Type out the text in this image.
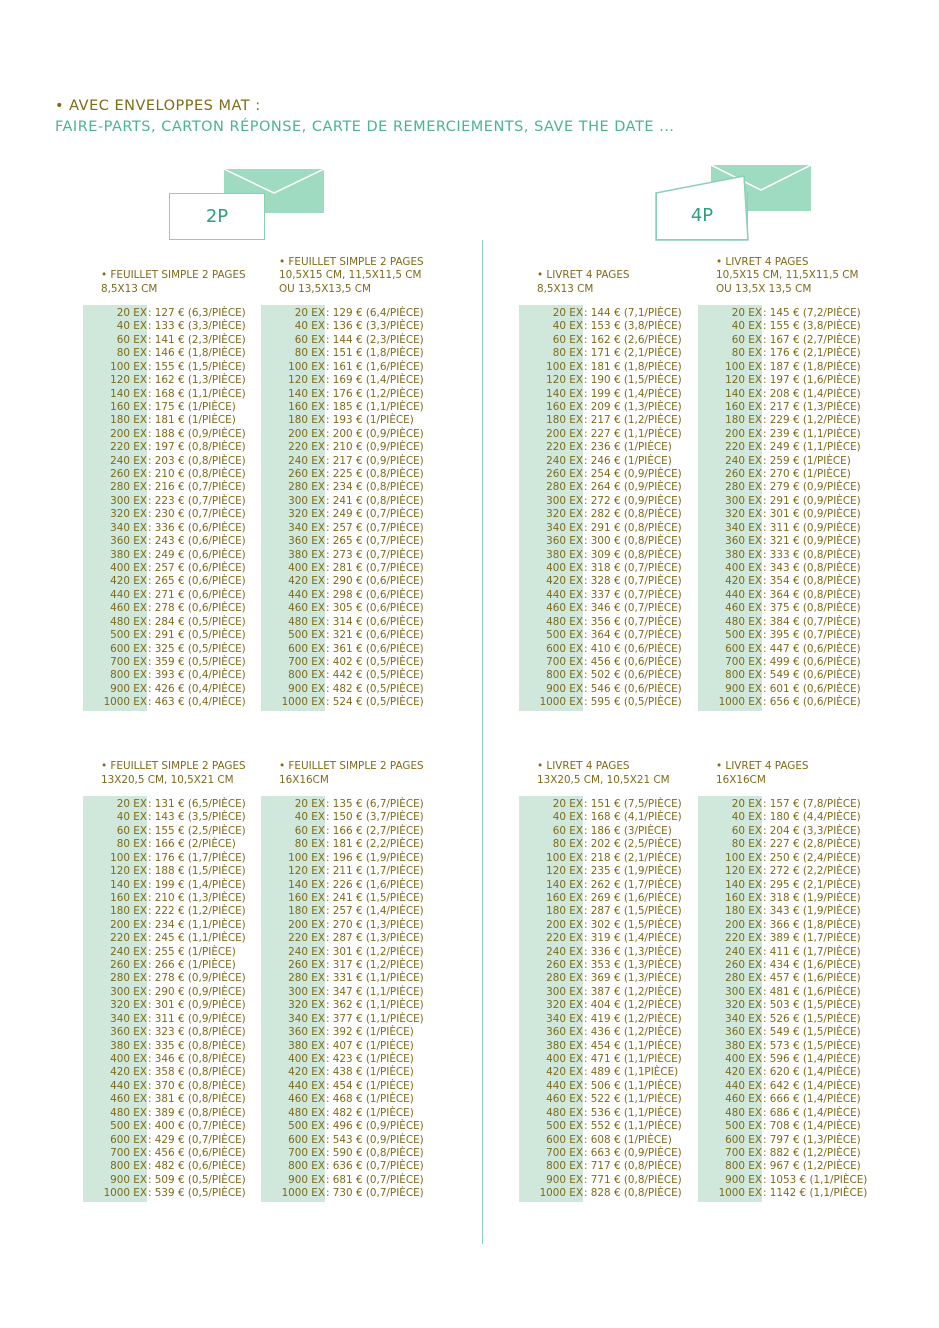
• AVEC ENVELOPPES MAT :
FAIRE-PARTS, CARTON RÉPONSE, CARTE DE REMERCIEMENTS, SAVE THE DATE ...
2P	4P
• FEUILLET SIMPLE 2 PAGES
8,5X13 CM
20 EX : 127 € (6,3/PIÈCE)
40 EX : 133 € (3,3/PIÈCE)
60 EX : 141 € (2,3/PIÈCE)
80 EX : 146 € (1,8/PIÈCE)
100 EX : 155 € (1,5/PIÈCE)
120 EX : 162 € (1,3/PIÈCE)
140 EX : 168 € (1,1/PIÈCE)
160 EX : 175 € (1/PIÈCE)
180 EX : 181 € (1/PIÈCE)
200 EX : 188 € (0,9/PIÈCE)
220 EX : 197 € (0,8/PIÈCE)
240 EX : 203 € (0,8/PIÈCE)
260 EX : 210 € (0,8/PIÈCE)
280 EX : 216 € (0,7/PIÈCE)
300 EX : 223 € (0,7/PIÈCE)
320 EX : 230 € (0,7/PIÈCE)
340 EX : 336 € (0,6/PIÈCE)
360 EX : 243 € (0,6/PIÈCE)
380 EX : 249 € (0,6/PIÈCE)
400 EX : 257 € (0,6/PIÈCE)
420 EX : 265 € (0,6/PIÈCE)
440 EX : 271 € (0,6/PIÈCE)
460 EX : 278 € (0,6/PIÈCE)
480 EX : 284 € (0,5/PIÈCE)
500 EX : 291 € (0,5/PIÈCE)
600 EX : 325 € (0,5/PIÈCE)
700 EX : 359 € (0,5/PIÈCE)
800 EX : 393 € (0,4/PIÈCE)
900 EX : 426 € (0,4/PIÈCE)
1000 EX : 463 € (0,4/PIÈCE)
• FEUILLET SIMPLE 2 PAGES
10,5X15 CM, 11,5X11,5 CM
OU 13,5X13,5 CM
20 EX : 129 € (6,4/PIÈCE)
40 EX : 136 € (3,3/PIÈCE)
60 EX : 144 € (2,3/PIÈCE)
80 EX : 151 € (1,8/PIÈCE)
100 EX : 161 € (1,6/PIÈCE)
120 EX : 169 € (1,4/PIÈCE)
140 EX : 176 € (1,2/PIÈCE)
160 EX : 185 € (1,1/PIÈCE)
180 EX : 193 € (1/PIÈCE)
200 EX : 200 € (0,9/PIÈCE)
220 EX : 210 € (0,9/PIÈCE)
240 EX : 217 € (0,9/PIÈCE)
260 EX : 225 € (0,8/PIÈCE)
280 EX : 234 € (0,8/PIÈCE)
300 EX : 241 € (0,8/PIÈCE)
320 EX : 249 € (0,7/PIÈCE)
340 EX : 257 € (0,7/PIÈCE)
360 EX : 265 € (0,7/PIÈCE)
380 EX : 273 € (0,7/PIÈCE)
400 EX : 281 € (0,7/PIÈCE)
420 EX : 290 € (0,6/PIÈCE)
440 EX : 298 € (0,6/PIÈCE)
460 EX : 305 € (0,6/PIÈCE)
480 EX : 314 € (0,6/PIÈCE)
500 EX : 321 € (0,6/PIÈCE)
600 EX : 361 € (0,6/PIÈCE)
700 EX : 402 € (0,5/PIÈCE)
800 EX : 442 € (0,5/PIÈCE)
900 EX : 482 € (0,5/PIÈCE)
1000 EX : 524 € (0,5/PIÈCE)
• LIVRET 4 PAGES
8,5X13 CM
20 EX : 144 € (7,1/PIÈCE)
40 EX : 153 € (3,8/PIÈCE)
60 EX : 162 € (2,6/PIÈCE)
80 EX : 171 € (2,1/PIÈCE)
100 EX : 181 € (1,8/PIÈCE)
120 EX : 190 € (1,5/PIÈCE)
140 EX : 199 € (1,4/PIÈCE)
160 EX : 209 € (1,3/PIÈCE)
180 EX : 217 € (1,2/PIÈCE)
200 EX : 227 € (1,1/PIÈCE)
220 EX : 236 € (1/PIÈCE)
240 EX : 246 € (1/PIÈCE)
260 EX : 254 € (0,9/PIÈCE)
280 EX : 264 € (0,9/PIÈCE)
300 EX : 272 € (0,9/PIÈCE)
320 EX : 282 € (0,8/PIÈCE)
340 EX : 291 € (0,8/PIÈCE)
360 EX : 300 € (0,8/PIÈCE)
380 EX : 309 € (0,8/PIÈCE)
400 EX : 318 € (0,7/PIÈCE)
420 EX : 328 € (0,7/PIÈCE)
440 EX : 337 € (0,7/PIÈCE)
460 EX : 346 € (0,7/PIÈCE)
480 EX : 356 € (0,7/PIÈCE)
500 EX : 364 € (0,7/PIÈCE)
600 EX : 410 € (0,6/PIÈCE)
700 EX : 456 € (0,6/PIÈCE)
800 EX : 502 € (0,6/PIÈCE)
900 EX : 546 € (0,6/PIÈCE)
1000 EX : 595 € (0,5/PIÈCE)
• LIVRET 4 PAGES
10,5X15 CM, 11,5X11,5 CM
OU 13,5X 13,5 CM
20 EX : 145 € (7,2/PIÈCE)
40 EX : 155 € (3,8/PIÈCE)
60 EX : 167 € (2,7/PIÈCE)
80 EX : 176 € (2,1/PIÈCE)
100 EX : 187 € (1,8/PIÈCE)
120 EX : 197 € (1,6/PIÈCE)
140 EX : 208 € (1,4/PIÈCE)
160 EX : 217 € (1,3/PIÈCE)
180 EX : 229 € (1,2/PIÈCE)
200 EX : 239 € (1,1/PIÈCE)
220 EX : 249 € (1,1/PIÈCE)
240 EX : 259 € (1/PIÈCE)
260 EX : 270 € (1/PIÈCE)
280 EX : 279 € (0,9/PIÈCE)
300 EX : 291 € (0,9/PIÈCE)
320 EX : 301 € (0,9/PIÈCE)
340 EX : 311 € (0,9/PIÈCE)
360 EX : 321 € (0,9/PIÈCE)
380 EX : 333 € (0,8/PIÈCE)
400 EX : 343 € (0,8/PIÈCE)
420 EX : 354 € (0,8/PIÈCE)
440 EX : 364 € (0,8/PIÈCE)
460 EX : 375 € (0,8/PIÈCE)
480 EX : 384 € (0,7/PIÈCE)
500 EX : 395 € (0,7/PIÈCE)
600 EX : 447 € (0,6/PIÈCE)
700 EX : 499 € (0,6/PIÈCE)
800 EX : 549 € (0,6/PIÈCE)
900 EX : 601 € (0,6/PIÈCE)
1000 EX : 656 € (0,6/PIÈCE)
• FEUILLET SIMPLE 2 PAGES
13X20,5 CM, 10,5X21 CM
20 EX : 131 € (6,5/PIÈCE)
40 EX : 143 € (3,5/PIÈCE)
60 EX : 155 € (2,5/PIÈCE)
80 EX : 166 € (2/PIÈCE)
100 EX : 176 € (1,7/PIÈCE)
120 EX : 188 € (1,5/PIÈCE)
140 EX : 199 € (1,4/PIÈCE)
160 EX : 210 € (1,3/PIÈCE)
180 EX : 222 € (1,2/PIÈCE)
200 EX : 234 € (1,1/PIÈCE)
220 EX : 245 € (1,1/PIÈCE)
240 EX : 255 € (1/PIÈCE)
260 EX : 266 € (1/PIÈCE)
280 EX : 278 € (0,9/PIÈCE)
300 EX : 290 € (0,9/PIÈCE)
320 EX : 301 € (0,9/PIÈCE)
340 EX : 311 € (0,9/PIÈCE)
360 EX : 323 € (0,8/PIÈCE)
380 EX : 335 € (0,8/PIÈCE)
400 EX : 346 € (0,8/PIÈCE)
420 EX : 358 € (0,8/PIÈCE)
440 EX : 370 € (0,8/PIÈCE)
460 EX : 381 € (0,8/PIÈCE)
480 EX : 389 € (0,8/PIÈCE)
500 EX : 400 € (0,7/PIÈCE)
600 EX : 429 € (0,7/PIÈCE)
700 EX : 456 € (0,6/PIÈCE)
800 EX : 482 € (0,6/PIÈCE)
900 EX : 509 € (0,5/PIÈCE)
1000 EX : 539 € (0,5/PIÈCE)
• FEUILLET SIMPLE 2 PAGES
16X16CM
20 EX : 135 € (6,7/PIÈCE)
40 EX : 150 € (3,7/PIÈCE)
60 EX : 166 € (2,7/PIÈCE)
80 EX : 181 € (2,2/PIÈCE)
100 EX : 196 € (1,9/PIÈCE)
120 EX : 211 € (1,7/PIÈCE)
140 EX : 226 € (1,6/PIÈCE)
160 EX : 241 € (1,5/PIÈCE)
180 EX : 257 € (1,4/PIÈCE)
200 EX : 270 € (1,3/PIÈCE)
220 EX : 287 € (1,3/PIÈCE)
240 EX : 301 € (1,2/PIÈCE)
260 EX : 317 € (1,2/PIÈCE)
280 EX : 331 € (1,1/PIÈCE)
300 EX : 347 € (1,1/PIÈCE)
320 EX : 362 € (1,1/PIÈCE)
340 EX : 377 € (1,1/PIÈCE)
360 EX : 392 € (1/PIÈCE)
380 EX : 407 € (1/PIÈCE)
400 EX : 423 € (1/PIÈCE)
420 EX : 438 € (1/PIÈCE)
440 EX : 454 € (1/PIÈCE)
460 EX : 468 € (1/PIÈCE)
480 EX : 482 € (1/PIÈCE)
500 EX : 496 € (0,9/PIÈCE)
600 EX : 543 € (0,9/PIÈCE)
700 EX : 590 € (0,8/PIÈCE)
800 EX : 636 € (0,7/PIÈCE)
900 EX : 681 € (0,7/PIÈCE)
1000 EX : 730 € (0,7/PIÈCE)
• LIVRET 4 PAGES
13X20,5 CM, 10,5X21 CM
20 EX : 151 € (7,5/PIÈCE)
40 EX : 168 € (4,1/PIÈCE)
60 EX : 186 € (3/PIÈCE)
80 EX : 202 € (2,5/PIÈCE)
100 EX : 218 € (2,1/PIÈCE)
120 EX : 235 € (1,9/PIÈCE)
140 EX : 262 € (1,7/PIÈCE)
160 EX : 269 € (1,6/PIÈCE)
180 EX : 287 € (1,5/PIÈCE)
200 EX : 302 € (1,5/PIÈCE)
220 EX : 319 € (1,4/PIÈCE)
240 EX : 336 € (1,3/PIÈCE)
260 EX : 353 € (1,3/PIÈCE)
280 EX : 369 € (1,3/PIÈCE)
300 EX : 387 € (1,2/PIÈCE)
320 EX : 404 € (1,2/PIÈCE)
340 EX : 419 € (1,2/PIÈCE)
360 EX : 436 € (1,2/PIÈCE)
380 EX : 454 € (1,1/PIÈCE)
400 EX : 471 € (1,1/PIÈCE)
420 EX : 489 € (1,1PIÈCE)
440 EX : 506 € (1,1/PIÈCE)
460 EX : 522 € (1,1/PIÈCE)
480 EX : 536 € (1,1/PIÈCE)
500 EX : 552 € (1,1/PIÈCE)
600 EX : 608 € (1/PIÈCE)
700 EX : 663 € (0,9/PIÈCE)
800 EX : 717 € (0,8/PIÈCE)
900 EX : 771 € (0,8/PIÈCE)
1000 EX : 828 € (0,8/PIÈCE)
• LIVRET 4 PAGES
16X16CM
20 EX : 157 € (7,8/PIÈCE)
40 EX : 180 € (4,4/PIÈCE)
60 EX : 204 € (3,3/PIÈCE)
80 EX : 227 € (2,8/PIÈCE)
100 EX : 250 € (2,4/PIÈCE)
120 EX : 272 € (2,2/PIÈCE)
140 EX : 295 € (2,1/PIÈCE)
160 EX : 318 € (1,9/PIÈCE)
180 EX : 343 € (1,9/PIÈCE)
200 EX : 366 € (1,8/PIÈCE)
220 EX : 389 € (1,7/PIÈCE)
240 EX : 411 € (1,7/PIÈCE)
260 EX : 434 € (1,6/PIÈCE)
280 EX : 457 € (1,6/PIÈCE)
300 EX : 481 € (1,6/PIÈCE)
320 EX : 503 € (1,5/PIÈCE)
340 EX : 526 € (1,5/PIÈCE)
360 EX : 549 € (1,5/PIÈCE)
380 EX : 573 € (1,5/PIÈCE)
400 EX : 596 € (1,4/PIÈCE)
420 EX : 620 € (1,4/PIÈCE)
440 EX : 642 € (1,4/PIÈCE)
460 EX : 666 € (1,4/PIÈCE)
480 EX : 686 € (1,4/PIÈCE)
500 EX : 708 € (1,4/PIÈCE)
600 EX : 797 € (1,3/PIÈCE)
700 EX : 882 € (1,2/PIÈCE)
800 EX : 967 € (1,2/PIÈCE)
900 EX : 1053 € (1,1/PIÈCE)
1000 EX : 1142 € (1,1/PIÈCE)
